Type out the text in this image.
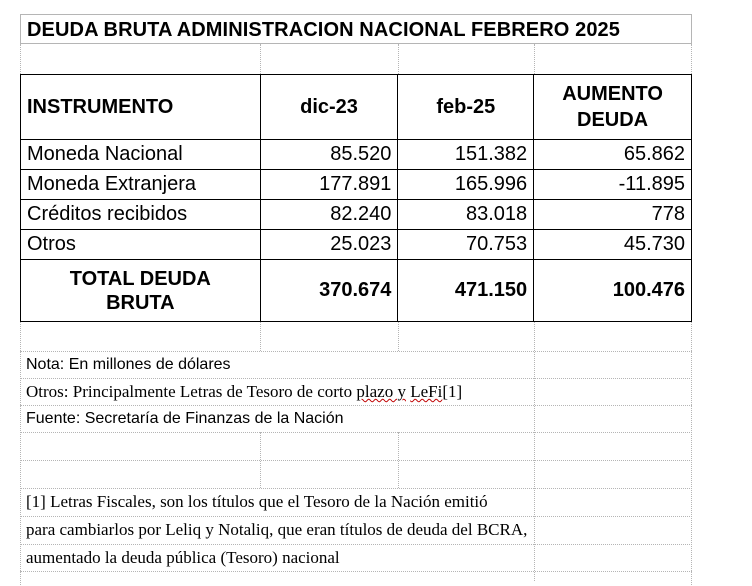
DEUDA BRUTA ADMINISTRACION NACIONAL FEBRERO 2025
INSTRUMENTO	dic-23	feb-25	AUMENTO
DEUDA
Moneda Nacional	85.520	151.382	65.862
Moneda Extranjera	177.891	165.996	-11.895
Créditos recibidos	82.240	83.018	778
Otros	25.023	70.753	45.730
TOTAL DEUDA
BRUTA	370.674	471.150	100.476
Nota: En millones de dólares
Otros: Principalmente Letras de Tesoro de corto plazo y LeFi[1]
Fuente: Secretaría de Finanzas de la Nación
[1] Letras Fiscales, son los títulos que el Tesoro de la Nación emitió
para cambiarlos por Leliq y Notaliq, que eran títulos de deuda del BCRA,
aumentado la deuda pública (Tesoro) nacional
